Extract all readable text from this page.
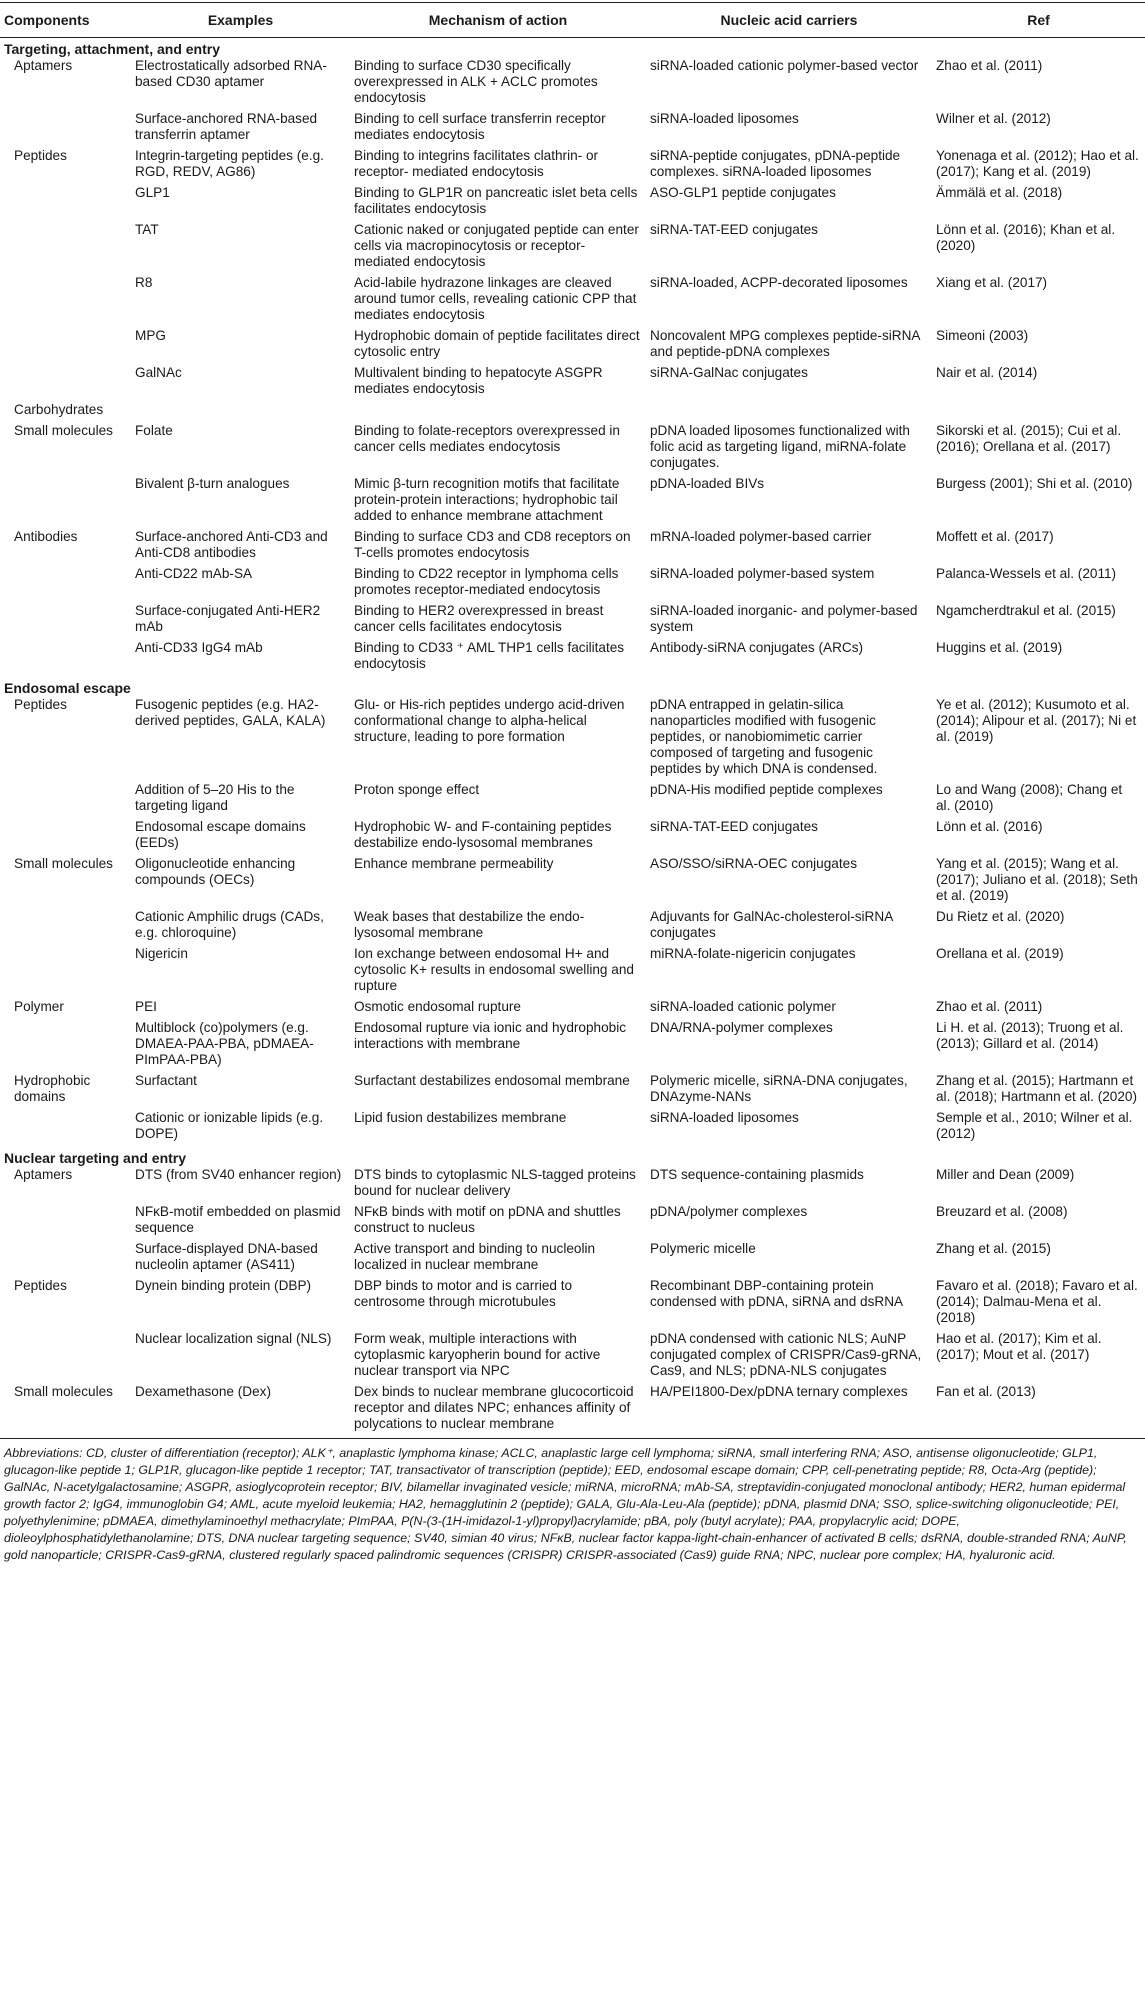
Components	Examples	Mechanism of action	Nucleic acid carriers	Ref
Targeting, attachment, and entry				
Aptamers	Electrostatically adsorbed RNA-based CD30 aptamer	Binding to surface CD30 specifically overexpressed in ALK + ACLC promotes endocytosis	siRNA-loaded cationic polymer-based vector	Zhao et al. (2011)
	Surface-anchored RNA-based transferrin aptamer	Binding to cell surface transferrin receptor mediates endocytosis	siRNA-loaded liposomes	Wilner et al. (2012)
Peptides	Integrin-targeting peptides (e.g. RGD, REDV, AG86)	Binding to integrins facilitates clathrin- or receptor- mediated endocytosis	siRNA-peptide conjugates, pDNA-peptide complexes. siRNA-loaded liposomes	Yonenaga et al. (2012); Hao et al. (2017); Kang et al. (2019)
	GLP1	Binding to GLP1R on pancreatic islet beta cells facilitates endocytosis	ASO-GLP1 peptide conjugates	Ämmälä et al. (2018)
	TAT	Cationic naked or conjugated peptide can enter cells via macropinocytosis or receptor-mediated endocytosis	siRNA-TAT-EED conjugates	Lönn et al. (2016); Khan et al. (2020)
	R8	Acid-labile hydrazone linkages are cleaved around tumor cells, revealing cationic CPP that mediates endocytosis	siRNA-loaded, ACPP-decorated liposomes	Xiang et al. (2017)
	MPG	Hydrophobic domain of peptide facilitates direct cytosolic entry	Noncovalent MPG complexes peptide-siRNA and peptide-pDNA complexes	Simeoni (2003)
	GalNAc	Multivalent binding to hepatocyte ASGPR mediates endocytosis	siRNA-GalNac conjugates	Nair et al. (2014)
Carbohydrates				
Small molecules	Folate	Binding to folate-receptors overexpressed in cancer cells mediates endocytosis	pDNA loaded liposomes functionalized with folic acid as targeting ligand, miRNA-folate conjugates.	Sikorski et al. (2015); Cui et al. (2016); Orellana et al. (2017)
	Bivalent β-turn analogues	Mimic β-turn recognition motifs that facilitate protein-protein interactions; hydrophobic tail added to enhance membrane attachment	pDNA-loaded BIVs	Burgess (2001); Shi et al. (2010)
Antibodies	Surface-anchored Anti-CD3 and Anti-CD8 antibodies	Binding to surface CD3 and CD8 receptors on T-cells promotes endocytosis	mRNA-loaded polymer-based carrier	Moffett et al. (2017)
	Anti-CD22 mAb-SA	Binding to CD22 receptor in lymphoma cells promotes receptor-mediated endocytosis	siRNA-loaded polymer-based system	Palanca-Wessels et al. (2011)
	Surface-conjugated Anti-HER2 mAb	Binding to HER2 overexpressed in breast cancer cells facilitates endocytosis	siRNA-loaded inorganic- and polymer-based system	Ngamcherdtrakul et al. (2015)
	Anti-CD33 IgG4 mAb	Binding to CD33 ⁺ AML THP1 cells facilitates endocytosis	Antibody-siRNA conjugates (ARCs)	Huggins et al. (2019)
Endosomal escape				
Peptides	Fusogenic peptides (e.g. HA2-derived peptides, GALA, KALA)	Glu- or His-rich peptides undergo acid-driven conformational change to alpha-helical structure, leading to pore formation	pDNA entrapped in gelatin-silica nanoparticles modified with fusogenic peptides, or nanobiomimetic carrier composed of targeting and fusogenic peptides by which DNA is condensed.	Ye et al. (2012); Kusumoto et al. (2014); Alipour et al. (2017); Ni et al. (2019)
	Addition of 5–20 His to the targeting ligand	Proton sponge effect	pDNA-His modified peptide complexes	Lo and Wang (2008); Chang et al. (2010)
	Endosomal escape domains (EEDs)	Hydrophobic W- and F-containing peptides destabilize endo-lysosomal membranes	siRNA-TAT-EED conjugates	Lönn et al. (2016)
Small molecules	Oligonucleotide enhancing compounds (OECs)	Enhance membrane permeability	ASO/SSO/siRNA-OEC conjugates	Yang et al. (2015); Wang et al. (2017); Juliano et al. (2018); Seth et al. (2019)
	Cationic Amphilic drugs (CADs, e.g. chloroquine)	Weak bases that destabilize the endo-lysosomal membrane	Adjuvants for GalNAc-cholesterol-siRNA conjugates	Du Rietz et al. (2020)
	Nigericin	Ion exchange between endosomal H+ and cytosolic K+ results in endosomal swelling and rupture	miRNA-folate-nigericin conjugates	Orellana et al. (2019)
Polymer	PEI	Osmotic endosomal rupture	siRNA-loaded cationic polymer	Zhao et al. (2011)
	Multiblock (co)polymers (e.g. DMAEA-PAA-PBA, pDMAEA-PImPAA-PBA)	Endosomal rupture via ionic and hydrophobic interactions with membrane	DNA/RNA-polymer complexes	Li H. et al. (2013); Truong et al. (2013); Gillard et al. (2014)
Hydrophobic domains	Surfactant	Surfactant destabilizes endosomal membrane	Polymeric micelle, siRNA-DNA conjugates, DNAzyme-NANs	Zhang et al. (2015); Hartmann et al. (2018); Hartmann et al. (2020)
	Cationic or ionizable lipids (e.g. DOPE)	Lipid fusion destabilizes membrane	siRNA-loaded liposomes	Semple et al., 2010; Wilner et al. (2012)
Nuclear targeting and entry				
Aptamers	DTS (from SV40 enhancer region)	DTS binds to cytoplasmic NLS-tagged proteins bound for nuclear delivery	DTS sequence-containing plasmids	Miller and Dean (2009)
	NFκB-motif embedded on plasmid sequence	NFκB binds with motif on pDNA and shuttles construct to nucleus	pDNA/polymer complexes	Breuzard et al. (2008)
	Surface-displayed DNA-based nucleolin aptamer (AS411)	Active transport and binding to nucleolin localized in nuclear membrane	Polymeric micelle	Zhang et al. (2015)
Peptides	Dynein binding protein (DBP)	DBP binds to motor and is carried to centrosome through microtubules	Recombinant DBP-containing protein condensed with pDNA, siRNA and dsRNA	Favaro et al. (2018); Favaro et al. (2014); Dalmau-Mena et al. (2018)
	Nuclear localization signal (NLS)	Form weak, multiple interactions with cytoplasmic karyopherin bound for active nuclear transport via NPC	pDNA condensed with cationic NLS; AuNP conjugated complex of CRISPR/Cas9-gRNA, Cas9, and NLS; pDNA-NLS conjugates	Hao et al. (2017); Kim et al. (2017); Mout et al. (2017)
Small molecules	Dexamethasone (Dex)	Dex binds to nuclear membrane glucocorticoid receptor and dilates NPC; enhances affinity of polycations to nuclear membrane	HA/PEI1800-Dex/pDNA ternary complexes	Fan et al. (2013)
Abbreviations: CD, cluster of differentiation (receptor); ALK⁺, anaplastic lymphoma kinase; ACLC, anaplastic large cell lymphoma; siRNA, small interfering RNA; ASO, antisense oligonucleotide; GLP1, glucagon-like peptide 1; GLP1R, glucagon-like peptide 1 receptor; TAT, transactivator of transcription (peptide); EED, endosomal escape domain; CPP, cell-penetrating peptide; R8, Octa-Arg (peptide); GalNAc, N-acetylgalactosamine; ASGPR, asioglycoprotein receptor; BIV, bilamellar invaginated vesicle; miRNA, microRNA; mAb-SA, streptavidin-conjugated monoclonal antibody; HER2, human epidermal growth factor 2; IgG4, immunoglobin G4; AML, acute myeloid leukemia; HA2, hemagglutinin 2 (peptide); GALA, Glu-Ala-Leu-Ala (peptide); pDNA, plasmid DNA; SSO, splice-switching oligonucleotide; PEI, polyethylenimine; pDMAEA, dimethylaminoethyl methacrylate; PImPAA, P(N-(3-(1H-imidazol-1-yl)propyl)acrylamide; pBA, poly (butyl acrylate); PAA, propylacrylic acid; DOPE, dioleoylphosphatidylethanolamine; DTS, DNA nuclear targeting sequence; SV40, simian 40 virus; NFκB, nuclear factor kappa-light-chain-enhancer of activated B cells; dsRNA, double-stranded RNA; AuNP, gold nanoparticle; CRISPR-Cas9-gRNA, clustered regularly spaced palindromic sequences (CRISPR) CRISPR-associated (Cas9) guide RNA; NPC, nuclear pore complex; HA, hyaluronic acid.
